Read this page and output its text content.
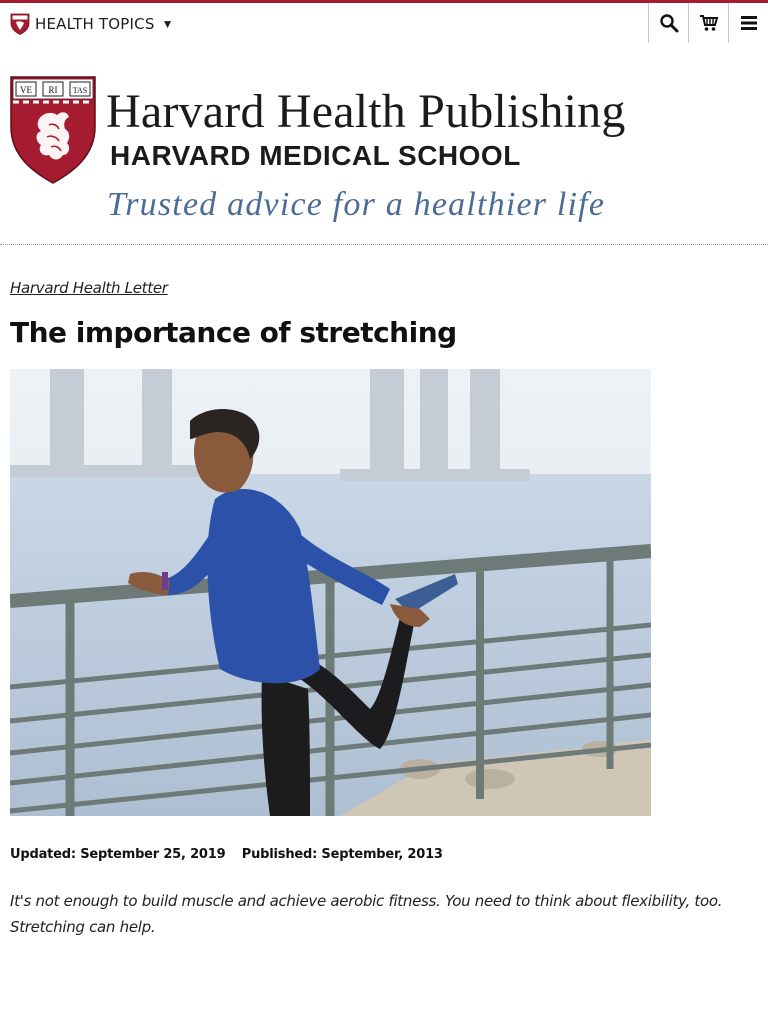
HEALTH TOPICS ▼
VE RI TAS Harvard Health Publishing
HARVARD MEDICAL SCHOOL
Trusted advice for a healthier life
Harvard Health Letter
The importance of stretching
Updated: September 25, 2019 Published: September, 2013

It's not enough to build muscle and achieve aerobic fitness. You need to think about flexibility, too. Stretching can help.
